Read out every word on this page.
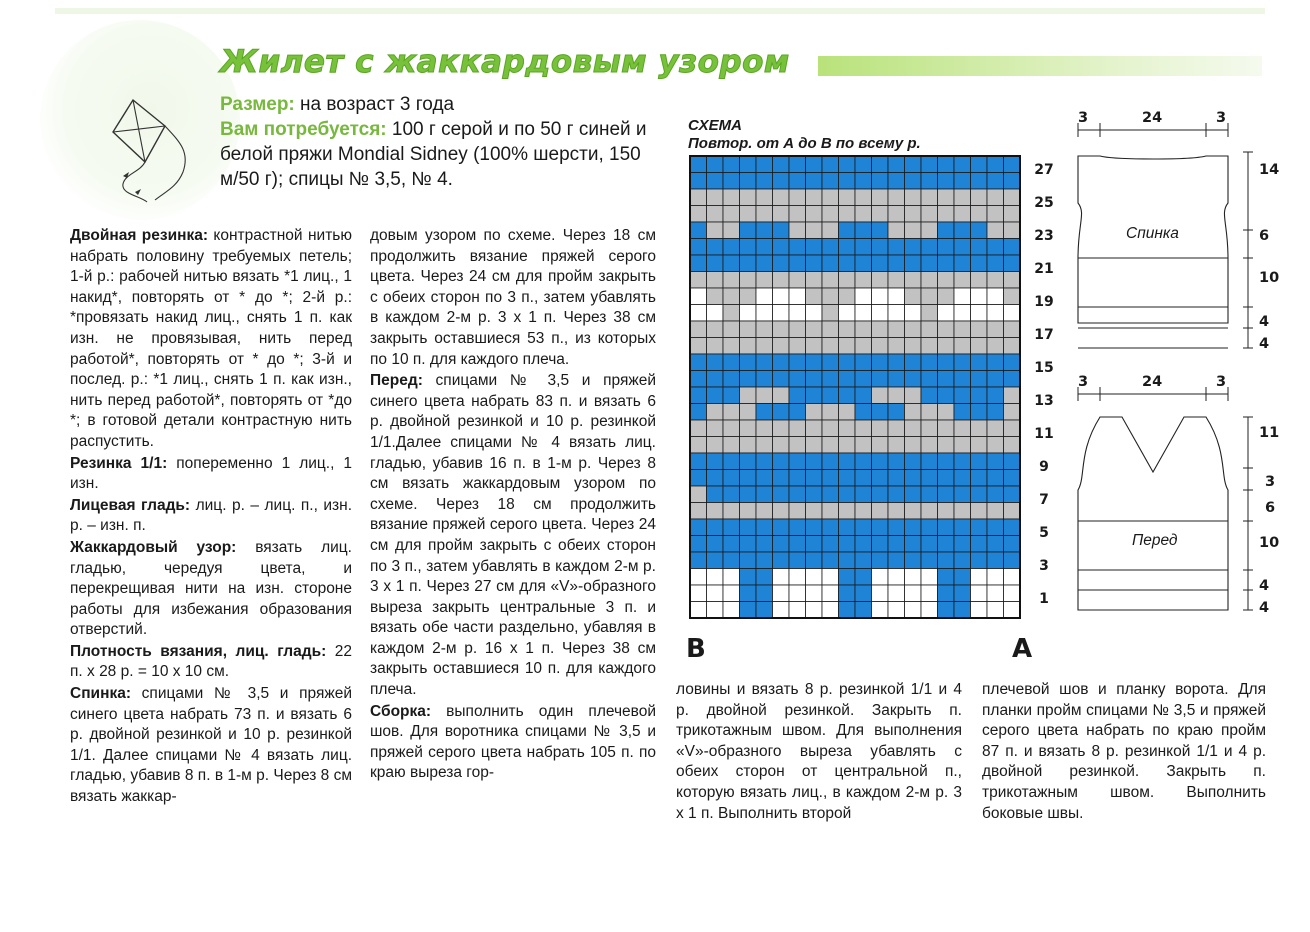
Жилет с жаккардовым узором
Размер: на возраст 3 года
Вам потребуется: 100 г серой и по 50 г синей и белой пряжи Mondial Sidney (100% шерсти, 150 м/50 г); спицы № 3,5, № 4.

Двойная резинка: контрастной нитью набрать половину требуемых петель; 1-й р.: рабочей нитью вязать *1 лиц., 1 накид*, повторять от * до *; 2-й р.: *провязать накид лиц., снять 1 п. как изн. не провязывая, нить перед работой*, повторять от * до *; 3-й и послед. р.: *1 лиц., снять 1 п. как изн., нить перед работой*, повторять от *до *; в готовой детали контрастную нить распустить.

Резинка 1/1: попеременно 1 лиц., 1 изн.

Лицевая гладь: лиц. р. – лиц. п., изн. р. – изн. п.

Жаккардовый узор: вязать лиц. гладью, чередуя цвета, и перекрещивая нити на изн. стороне работы для избежания образования отверстий.

Плотность вязания, лиц. гладь: 22 п. х 28 р. = 10 х 10 см.

Спинка: спицами № 3,5 и пряжей синего цвета набрать 73 п. и вязать 6 р. двойной резинкой и 10 р. резинкой 1/1. Далее спицами № 4 вязать лиц. гладью, убавив 8 п. в 1-м р. Через 8 см вязать жаккар-

довым узором по схеме. Через 18 см продолжить вязание пряжей серого цвета. Через 24 см для пройм закрыть с обеих сторон по 3 п., затем убавлять в каждом 2-м р. 3 х 1 п. Через 38 см закрыть оставшиеся 53 п., из которых по 10 п. для каждого плеча.

Перед: спицами № 3,5 и пряжей синего цвета набрать 83 п. и вязать 6 р. двойной резинкой и 10 р. резинкой 1/1.Далее спицами № 4 вязать лиц. гладью, убавив 16 п. в 1-м р. Через 8 см вязать жаккардовым узором по схеме. Через 18 см продолжить вязание пряжей серого цвета. Через 24 см для пройм закрыть с обеих сторон по 3 п., затем убавлять в каждом 2-м р. 3 х 1 п. Через 27 см для «V»-образного выреза закрыть центральные 3 п. и вязать обе части раздельно, убавляя в каждом 2-м р. 16 х 1 п. Через 38 см закрыть оставшиеся 10 п. для каждого плеча.

Сборка: выполнить один плечевой шов. Для воротника спицами № 3,5 и пряжей серого цвета набрать 105 п. по краю выреза гор-

ловины и вязать 8 р. резинкой 1/1 и 4 р. двойной резинкой. Закрыть п. трикотажным швом. Для выполнения «V»-образного выреза убавлять с обеих сторон от центральной п., которую вязать лиц., в каждом 2-м р. 3 х 1 п. Выполнить второй

плечевой шов и планку ворота. Для планки пройм спицами № 3,5 и пряжей серого цвета набрать по краю пройм 87 п. и вязать 8 р. резинкой 1/1 и 4 р. двойной резинкой. Закрыть п. трикотажным швом. Выполнить боковые швы.

СХЕМА
Повтор. от А до В по всему р.
27
25
23
21
19
17
15
13
11
9
7
5
3
1
В	А
3	24	3
14
6
10
4
4
Спинка
3	24	3
11
3
6
10
4
4
Перед
